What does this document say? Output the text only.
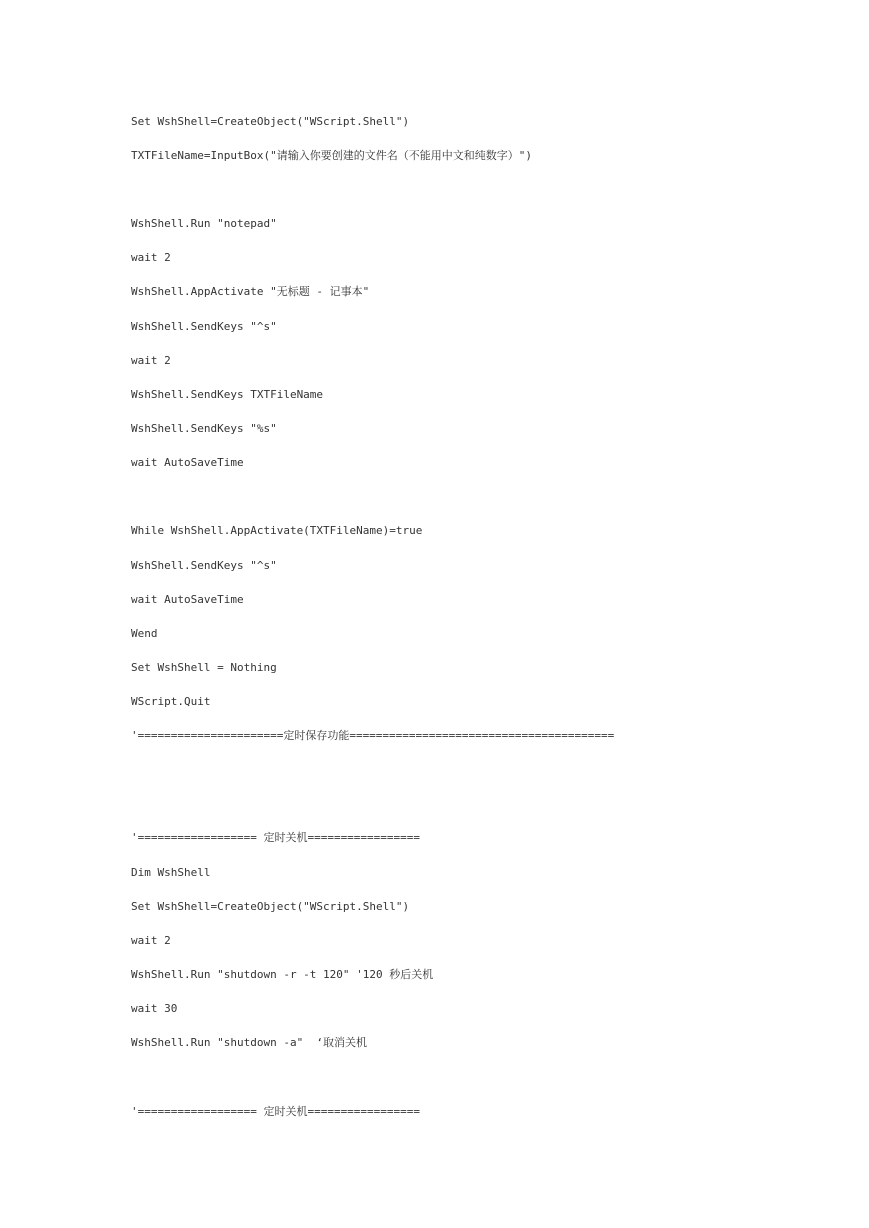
Set WshShell=CreateObject("WScript.Shell")
TXTFileName=InputBox("请输入你要创建的文件名（不能用中文和纯数字）")
WshShell.Run "notepad"
wait 2
WshShell.AppActivate "无标题 - 记事本"
WshShell.SendKeys "^s"
wait 2
WshShell.SendKeys TXTFileName
WshShell.SendKeys "%s"
wait AutoSaveTime
While WshShell.AppActivate(TXTFileName)=true
WshShell.SendKeys "^s"
wait AutoSaveTime
Wend
Set WshShell = Nothing
WScript.Quit
'======================定时保存功能========================================
'================== 定时关机=================
Dim WshShell
Set WshShell=CreateObject("WScript.Shell")
wait 2
WshShell.Run "shutdown -r -t 120" '120 秒后关机
wait 30
WshShell.Run "shutdown -a"  ‘取消关机
'================== 定时关机=================
